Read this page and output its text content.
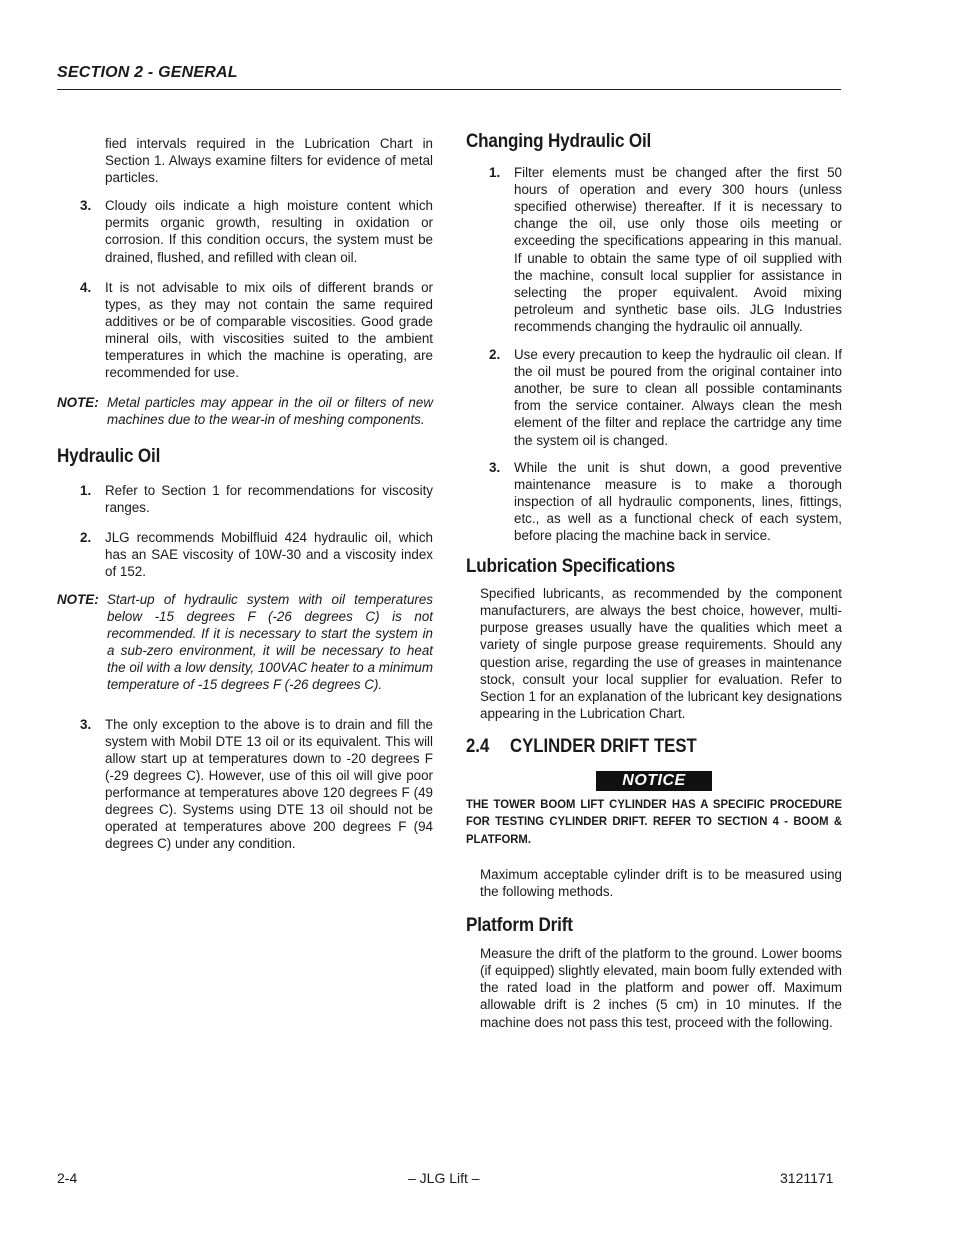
SECTION 2 - GENERAL
fied intervals required in the Lubrication Chart in Section 1. Always examine filters for evidence of metal particles.
3. Cloudy oils indicate a high moisture content which permits organic growth, resulting in oxidation or corrosion. If this condition occurs, the system must be drained, flushed, and refilled with clean oil.
4. It is not advisable to mix oils of different brands or types, as they may not contain the same required additives or be of comparable viscosities. Good grade mineral oils, with viscosities suited to the ambient temperatures in which the machine is operating, are recommended for use.
NOTE: Metal particles may appear in the oil or filters of new machines due to the wear-in of meshing components.
Hydraulic Oil
1. Refer to Section 1 for recommendations for viscosity ranges.
2. JLG recommends Mobilfluid 424 hydraulic oil, which has an SAE viscosity of 10W-30 and a viscosity index of 152.
NOTE: Start-up of hydraulic system with oil temperatures below -15 degrees F (-26 degrees C) is not recommended. If it is necessary to start the system in a sub-zero environment, it will be necessary to heat the oil with a low density, 100VAC heater to a minimum temperature of -15 degrees F (-26 degrees C).
3. The only exception to the above is to drain and fill the system with Mobil DTE 13 oil or its equivalent. This will allow start up at temperatures down to -20 degrees F (-29 degrees C). However, use of this oil will give poor performance at temperatures above 120 degrees F (49 degrees C). Systems using DTE 13 oil should not be operated at temperatures above 200 degrees F (94 degrees C) under any condition.
Changing Hydraulic Oil
1. Filter elements must be changed after the first 50 hours of operation and every 300 hours (unless specified otherwise) thereafter. If it is necessary to change the oil, use only those oils meeting or exceeding the specifications appearing in this manual. If unable to obtain the same type of oil supplied with the machine, consult local supplier for assistance in selecting the proper equivalent. Avoid mixing petroleum and synthetic base oils. JLG Industries recommends changing the hydraulic oil annually.
2. Use every precaution to keep the hydraulic oil clean. If the oil must be poured from the original container into another, be sure to clean all possible contaminants from the service container. Always clean the mesh element of the filter and replace the cartridge any time the system oil is changed.
3. While the unit is shut down, a good preventive maintenance measure is to make a thorough inspection of all hydraulic components, lines, fittings, etc., as well as a functional check of each system, before placing the machine back in service.
Lubrication Specifications
Specified lubricants, as recommended by the component manufacturers, are always the best choice, however, multi-purpose greases usually have the qualities which meet a variety of single purpose grease requirements. Should any question arise, regarding the use of greases in maintenance stock, consult your local supplier for evaluation. Refer to Section 1 for an explanation of the lubricant key designations appearing in the Lubrication Chart.
2.4 CYLINDER DRIFT TEST
NOTICE
THE TOWER BOOM LIFT CYLINDER HAS A SPECIFIC PROCEDURE FOR TESTING CYLINDER DRIFT. REFER TO SECTION 4 - BOOM & PLATFORM.
Maximum acceptable cylinder drift is to be measured using the following methods.
Platform Drift
Measure the drift of the platform to the ground. Lower booms (if equipped) slightly elevated, main boom fully extended with the rated load in the platform and power off. Maximum allowable drift is 2 inches (5 cm) in 10 minutes. If the machine does not pass this test, proceed with the following.
2-4	– JLG Lift –	3121171
